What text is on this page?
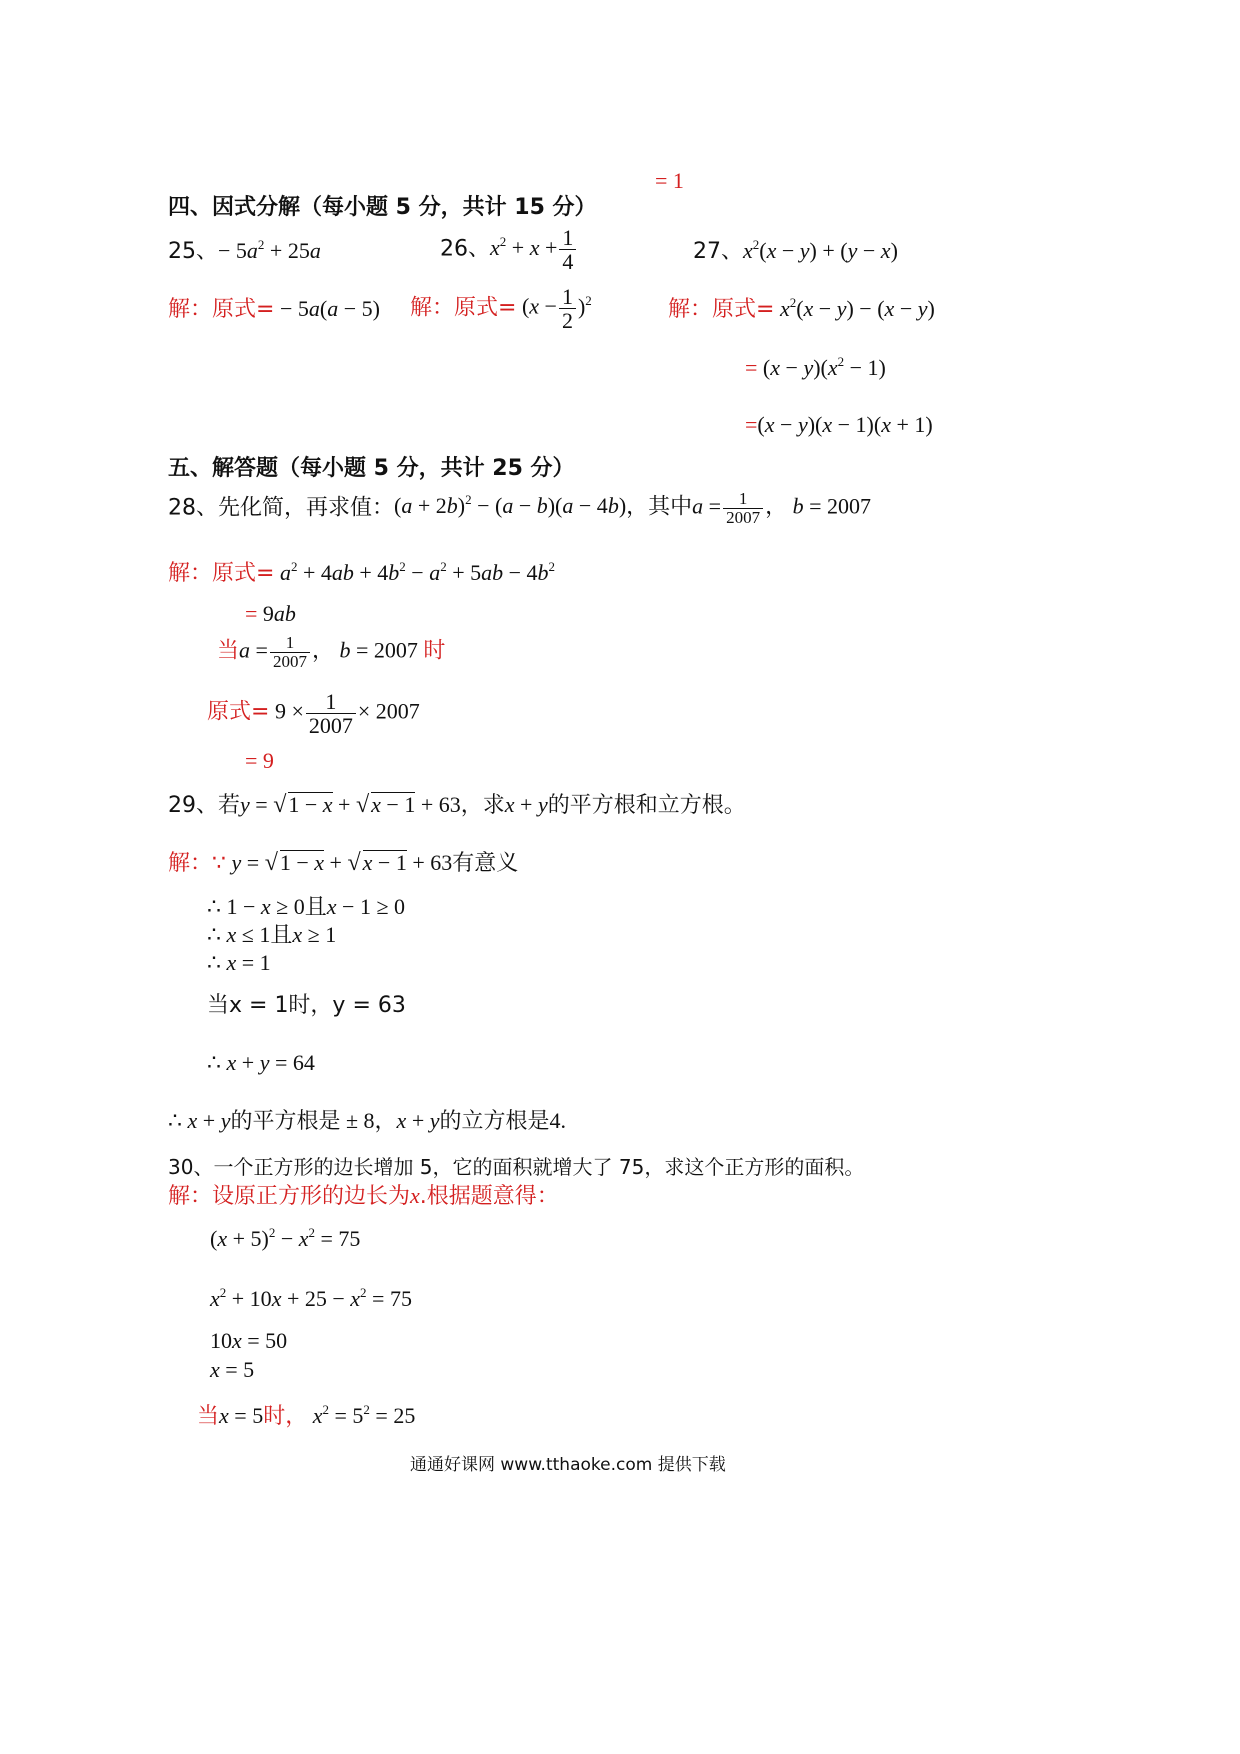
= 1
四、因式分解（每小题 5 分，共计 15 分）
25、− $5a^2 + 25a$	26、$x^2 + x + \frac{1}{4}$	27、$x^2(x - y) + (y - x)$
解：原式= − 5a(a − 5) 解：原式= $(x - \frac{1}{2} )^2$	解：原式= $x^2(x - y) - (x - y)$
= $(x - y)(x^2 - 1)$
=(x − y)(x − 1)(x + 1)
五、解答题（每小题 5 分，共计 25 分）
28、先化简，再求值：$(a + 2b)^2 - (a - b)(a - 4b)$，其中$a = \frac{1}{2007}$ ， b = 2007
解：原式= $a^2 + 4ab + 4b^2 - a^2 + 5ab - 4b^2$
= 9ab
当$a = \frac{1}{2007}$ ， b = 2007 时
原式= $9 \times \frac{1}{2007} \times 2007$
= 9
29、若y = √1 − x + √x − 1 + 63，求x + y的平方根和立方根。
解：∵ y = √1 − x + √x − 1 + 63有意义
∴ 1 − x ≥ 0且x − 1 ≥ 0
∴ x ≤ 1且x ≥ 1
∴ x = 1
当x = 1时，y = 63
∴ x + y = 64
∴ x + y的平方根是 ± 8，x + y的立方根是4.
30、一个正方形的边长增加 5，它的面积就增大了 75，求这个正方形的面积。
解：设原正方形的边长为x.根据题意得：
$(x + 5)^2 - x^2 = 75$
$x^2 + 10x + 25 - x^2 = 75$
10x = 50
x = 5
当x = 5时， $x^2 = 5^2 = 25$
通通好课网 www.tthaoke.com 提供下载
